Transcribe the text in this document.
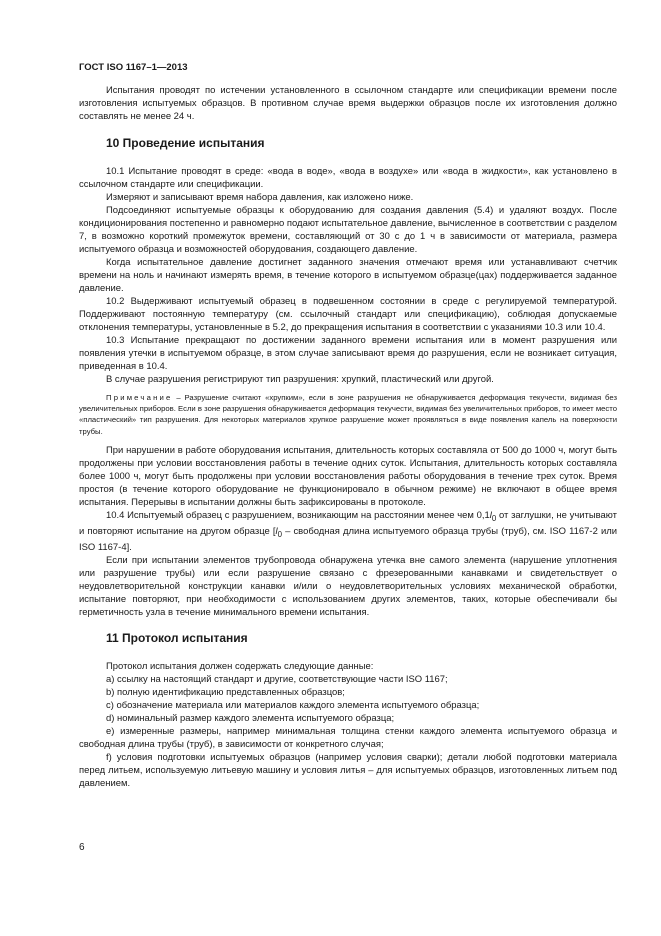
ГОСТ ISO 1167–1—2013

Испытания проводят по истечении установленного в ссылочном стандарте или спецификации времени после изготовления испытуемых образцов. В противном случае время выдержки образцов после их изготовления должно составлять не менее 24 ч.

10 Проведение испытания

10.1 Испытание проводят в среде: «вода в воде», «вода в воздухе» или «вода в жидкости», как установлено в ссылочном стандарте или спецификации.

Измеряют и записывают время набора давления, как изложено ниже.

Подсоединяют испытуемые образцы к оборудованию для создания давления (5.4) и удаляют воздух. После кондиционирования постепенно и равномерно подают испытательное давление, вычисленное в соответствии с разделом 7, в возможно короткий промежуток времени, составляющий от 30 с до 1 ч в зависимости от материала, размера испытуемого образца и возможностей оборудования, создающего давление.

Когда испытательное давление достигнет заданного значения отмечают время или устанавливают счетчик времени на ноль и начинают измерять время, в течение которого в испытуемом образце(цах) поддерживается заданное давление.

10.2 Выдерживают испытуемый образец в подвешенном состоянии в среде с регулируемой температурой. Поддерживают постоянную температуру (см. ссылочный стандарт или спецификацию), соблюдая допускаемые отклонения температуры, установленные в 5.2, до прекращения испытания в соответствии с указаниями 10.3 или 10.4.

10.3 Испытание прекращают по достижении заданного времени испытания или в момент разрушения или появления утечки в испытуемом образце, в этом случае записывают время до разрушения, если не возникает ситуация, приведенная в 10.4.

В случае разрушения регистрируют тип разрушения: хрупкий, пластический или другой.

Примечание – Разрушение считают «хрупким», если в зоне разрушения не обнаруживается деформация текучести, видимая без увеличительных приборов. Если в зоне разрушения обнаруживается деформация текучести, видимая без увеличительных приборов, то имеет место «пластический» тип разрушения. Для некоторых материалов хрупкое разрушение может проявляться в виде появления капель на поверхности трубы.

При нарушении в работе оборудования испытания, длительность которых составляла от 500 до 1000 ч, могут быть продолжены при условии восстановления работы в течение одних суток. Испытания, длительность которых составляла более 1000 ч, могут быть продолжены при условии восстановления работы оборудования в течение трех суток. Время простоя (в течение которого оборудование не функционировало в обычном режиме) не включают в общее время испытания. Перерывы в испытании должны быть зафиксированы в протоколе.

10.4 Испытуемый образец с разрушением, возникающим на расстоянии менее чем $0,1l_0$ от заглушки, не учитывают и повторяют испытание на другом образце [$l_0$ – свободная длина испытуемого образца трубы (труб), см. ISO 1167-2 или ISO 1167-4].

Если при испытании элементов трубопровода обнаружена утечка вне самого элемента (нарушение уплотнения или разрушение трубы) или если разрушение связано с фрезерованными канавками и свидетельствует о неудовлетворительной конструкции канавки и/или о неудовлетворительных условиях механической обработки, испытание повторяют, при необходимости с использованием других элементов, таких, которые обеспечивали бы герметичность узла в течение минимального времени испытания.

11 Протокол испытания

Протокол испытания должен содержать следующие данные:

a) ссылку на настоящий стандарт и другие, соответствующие части ISO 1167;

b) полную идентификацию представленных образцов;

c) обозначение материала или материалов каждого элемента испытуемого образца;

d) номинальный размер каждого элемента испытуемого образца;

e) измеренные размеры, например минимальная толщина стенки каждого элемента испытуемого образца и свободная длина трубы (труб), в зависимости от конкретного случая;

f) условия подготовки испытуемых образцов (например условия сварки); детали любой подготовки материала перед литьем, используемую литьевую машину и условия литья – для испытуемых образцов, изготовленных литьем под давлением.

6
